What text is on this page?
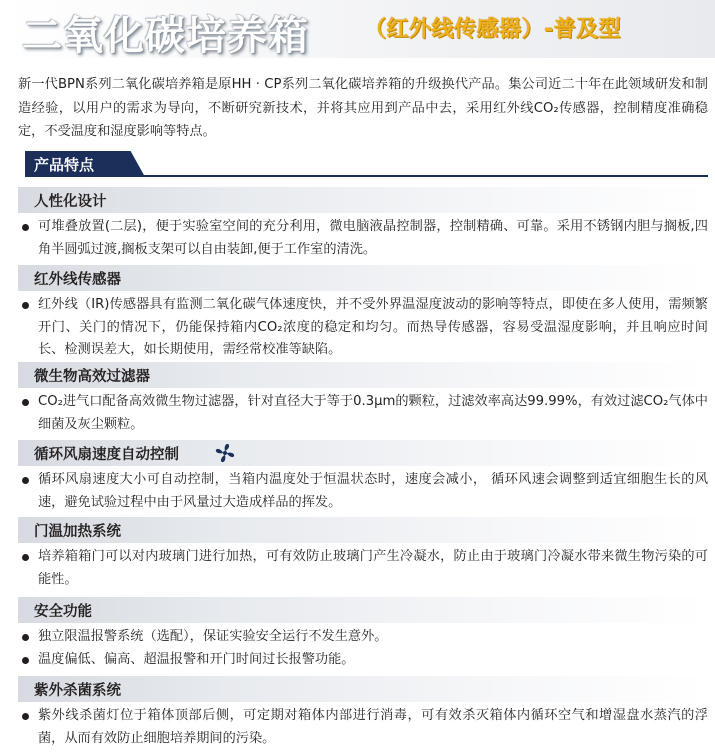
二氧化碳培养箱	（红外线传感器）-普及型

新一代BPN系列二氧化碳培养箱是原HH · CP系列二氧化碳培养箱的升级换代产品。集公司近二十年在此领域研发和制造经验，以用户的需求为导向，不断研究新技术，并将其应用到产品中去，采用红外线CO₂传感器，控制精度准确稳定，不受温度和湿度影响等特点。

产品特点
人性化设计
可堆叠放置(二层)，便于实验室空间的充分利用，微电脑液晶控制器，控制精确、可靠。采用不锈钢内胆与搁板,四角半圆弧过渡,搁板支架可以自由装卸,便于工作室的清洗。
红外线传感器
红外线（IR)传感器具有监测二氧化碳气体速度快，并不受外界温湿度波动的影响等特点，即使在多人使用，需频繁开门、关门的情况下，仍能保持箱内CO₂浓度的稳定和均匀。而热导传感器，容易受温湿度影响，并且响应时间长、检测误差大，如长期使用，需经常校准等缺陷。
微生物高效过滤器
CO₂进气口配备高效微生物过滤器，针对直径大于等于0.3μm的颗粒，过滤效率高达99.99%，有效过滤CO₂气体中细菌及灰尘颗粒。
循环风扇速度自动控制
循环风扇速度大小可自动控制，当箱内温度处于恒温状态时，速度会减小， 循环风速会调整到适宜细胞生长的风速，避免试验过程中由于风量过大造成样品的挥发。
门温加热系统
培养箱箱门可以对内玻璃门进行加热，可有效防止玻璃门产生冷凝水，防止由于玻璃门冷凝水带来微生物污染的可能性。
安全功能
独立限温报警系统（选配），保证实验安全运行不发生意外。
温度偏低、偏高、超温报警和开门时间过长报警功能。
紫外杀菌系统
紫外线杀菌灯位于箱体顶部后侧，可定期对箱体内部进行消毒，可有效杀灭箱体内循环空气和增湿盘水蒸汽的浮菌，从而有效防止细胞培养期间的污染。
